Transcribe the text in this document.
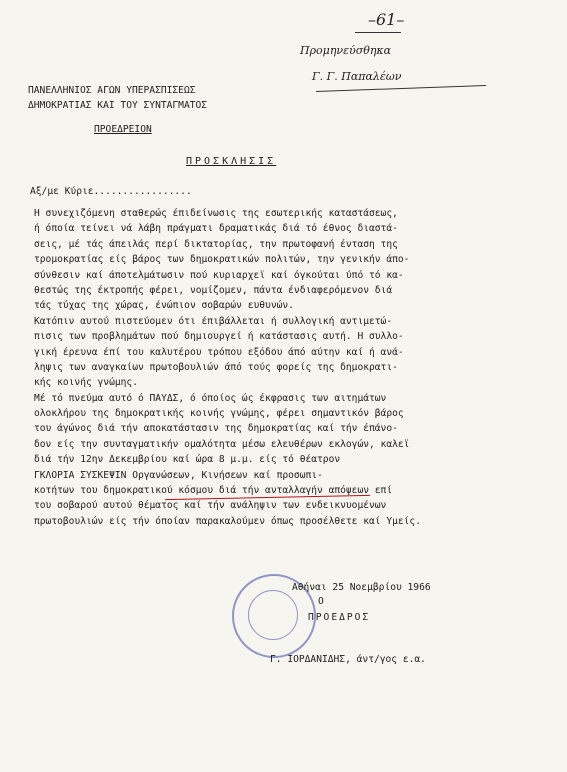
–61–
Προμηνεύσθηκα
Γ. Γ. Παπαλέων
ΠΑΝΕΛΛΗΝΙΟΣ ΑΓΩΝ ΥΠΕΡΑΣΠΙΣΕΩΣ
ΔΗΜΟΚΡΑΤΙΑΣ ΚΑΙ ΤΟΥ ΣΥΝΤΑΓΜΑΤΟΣ
ΠΡΟΕΔΡΕΙΟΝ
ΠΡΟΣΚΛΗΣΙΣ
Αξ/με Κύριε.................
Η συνεχιζόμενη σταθερώς έπιδείνωσις της εσωτερικής καταστάσεως,
ή όποία τείνει νά λάβη πράγματι δραματικάς διά τό έθνος διαστά-
σεις, μέ τάς άπειλάς περί δικτατορίας, την πρωτοφανή ένταση της
τρομοκρατίας είς βάρος των δημοκρατικών πολιτών, την γενικήν άπο-
σύνθεσιν καί άποτελμάτωσιν πού κυριαρχεϊ καί όγκούται ύπό τό κα-
θεστώς της έκτροπής φέρει, νομίζομεν, πάντα ένδιαφερόμενον διά
τάς τύχας της χώρας, ένώπιον σοβαρών ευθυνών.
Κατόπιν αυτού πιστεύομεν ότι έπιβάλλεται ή συλλογική αντιμετώ-
πισις των προβλημάτων πού δημιουργεί ή κατάστασις αυτή. Η συλλο-
γική έρευνα έπί του καλυτέρου τρόπου εξόδου άπό αύτην καί ή ανά-
ληψις των αναγκαίων πρωτοβουλιών άπό τούς φορείς της δημοκρατι-
κής κοινής γνώμης.
Μέ τό πνεύμα αυτό ό ΠΑΥΔΣ, ό όποίος ώς έκφρασις των αιτημάτων
ολοκλήρου της δημοκρατικής κοινής γνώμης, φέρει σημαντικόν βάρος
του άγώνος διά τήν αποκατάστασιν της δημοκρατίας καί τήν έπάνο-
δον είς την συνταγματικήν ομαλότητα μέσω ελευθέρων εκλογών, καλεϊ
διά τήν 12ην Δεκεμβρίου καί ώρα 8 μ.μ. είς τό θέατρον
ΓΚΛΟΡΙΑ ΣΥΣΚΕΨΙΝ Οργανώσεων, Κινήσεων καί προσωπι-
κοτήτων του δημοκρατικού κόσμου διά τήν ανταλλαγήν απόψεων επί
του σοβαρού αυτού θέματος καί τήν ανάληψιν των ενδεικνυομένων
πρωτοβουλιών είς τήν όποίαν παρακαλούμεν όπως προσέλθετε καί Υμείς.
Αθήναι 25 Νοεμβρίου 1966
Ο
ΠΡΟΕΔΡΟΣ
Γ. ΙΟΡΔΑΝΙΔΗΣ, άντ/γος ε.α.
